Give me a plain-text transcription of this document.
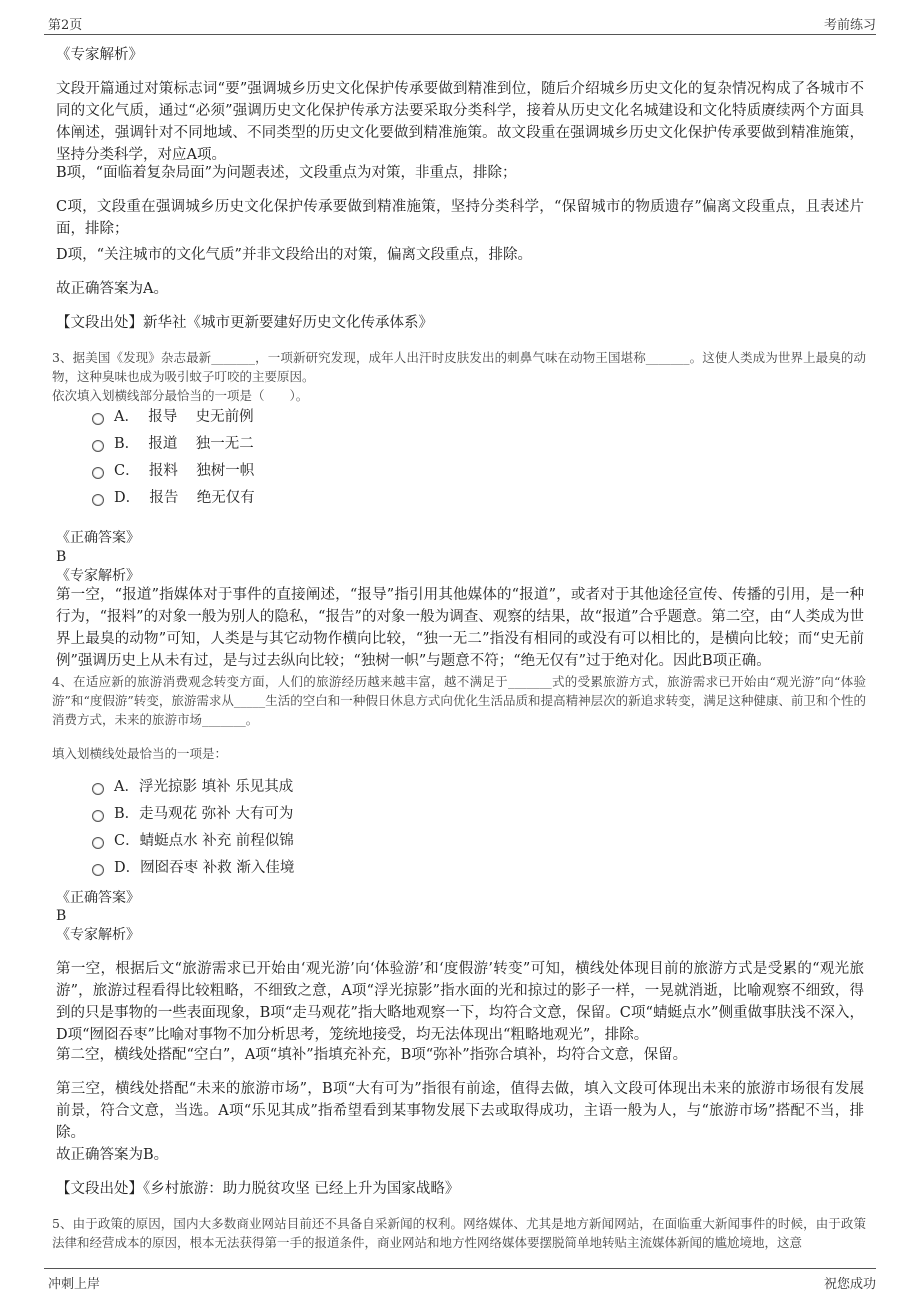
第2页	考前练习
《专家解析》
文段开篇通过对策标志词“要”强调城乡历史文化保护传承要做到精准到位，随后介绍城乡历史文化的复杂情况构成了各城市不同的文化气质，通过“必须”强调历史文化保护传承方法要采取分类科学，接着从历史文化名城建设和文化特质赓续两个方面具体阐述，强调针对不同地域、不同类型的历史文化要做到精准施策。故文段重在强调城乡历史文化保护传承要做到精准施策，坚持分类科学，对应A项。
B项，“面临着复杂局面”为问题表述，文段重点为对策，非重点，排除；
C项，文段重在强调城乡历史文化保护传承要做到精准施策，坚持分类科学，“保留城市的物质遗存”偏离文段重点，且表述片面，排除；
D项，“关注城市的文化气质”并非文段给出的对策，偏离文段重点，排除。
故正确答案为A。
【文段出处】新华社《城市更新要建好历史文化传承体系》
3、据美国《发现》杂志最新_______，一项新研究发现，成年人出汗时皮肤发出的刺鼻气味在动物王国堪称_______。这使人类成为世界上最臭的动物，这种臭味也成为吸引蚊子叮咬的主要原因。
依次填入划横线部分最恰当的一项是（　　）。
A．  报导    史无前例
B．  报道    独一无二
C．  报料    独树一帜
D．  报告    绝无仅有
《正确答案》
B
《专家解析》
第一空，“报道”指媒体对于事件的直接阐述，“报导”指引用其他媒体的“报道”，或者对于其他途径宣传、传播的引用，是一种行为，“报料”的对象一般为别人的隐私，“报告”的对象一般为调查、观察的结果，故“报道”合乎题意。第二空，由“人类成为世界上最臭的动物”可知，人类是与其它动物作横向比较，“独一无二”指没有相同的或没有可以相比的，是横向比较；而“史无前例”强调历史上从未有过，是与过去纵向比较；“独树一帜”与题意不符；“绝无仅有”过于绝对化。因此B项正确。
4、在适应新的旅游消费观念转变方面，人们的旅游经历越来越丰富，越不满足于_______式的受累旅游方式，旅游需求已开始由“观光游”向“体验游”和“度假游”转变，旅游需求从_____生活的空白和一种假日休息方式向优化生活品质和提高精神层次的新追求转变，满足这种健康、前卫和个性的消费方式，未来的旅游市场_______。
填入划横线处最恰当的一项是：
A．浮光掠影 填补 乐见其成
B．走马观花 弥补 大有可为
C．蜻蜓点水 补充 前程似锦
D．囫囵吞枣 补救 渐入佳境
《正确答案》
B
《专家解析》
第一空，根据后文“旅游需求已开始由‘观光游’向‘体验游’和‘度假游’转变”可知，横线处体现目前的旅游方式是受累的“观光旅游”，旅游过程看得比较粗略，不细致之意，A项“浮光掠影”指水面的光和掠过的影子一样，一晃就消逝，比喻观察不细致，得到的只是事物的一些表面现象，B项“走马观花”指大略地观察一下，均符合文意，保留。C项“蜻蜓点水”侧重做事肤浅不深入，D项“囫囵吞枣”比喻对事物不加分析思考，笼统地接受，均无法体现出“粗略地观光”，排除。
第二空，横线处搭配“空白”，A项“填补”指填充补充，B项“弥补”指弥合填补，均符合文意，保留。
第三空，横线处搭配“未来的旅游市场”，B项“大有可为”指很有前途，值得去做，填入文段可体现出未来的旅游市场很有发展前景，符合文意，当选。A项“乐见其成”指希望看到某事物发展下去或取得成功，主语一般为人，与“旅游市场”搭配不当，排除。
故正确答案为B。
【文段出处】《乡村旅游：助力脱贫攻坚 已经上升为国家战略》
5、由于政策的原因，国内大多数商业网站目前还不具备自采新闻的权利。网络媒体、尤其是地方新闻网站，在面临重大新闻事件的时候，由于政策法律和经营成本的原因，根本无法获得第一手的报道条件，商业网站和地方性网络媒体要摆脱简单地转贴主流媒体新闻的尴尬境地，这意
冲刺上岸	祝您成功
